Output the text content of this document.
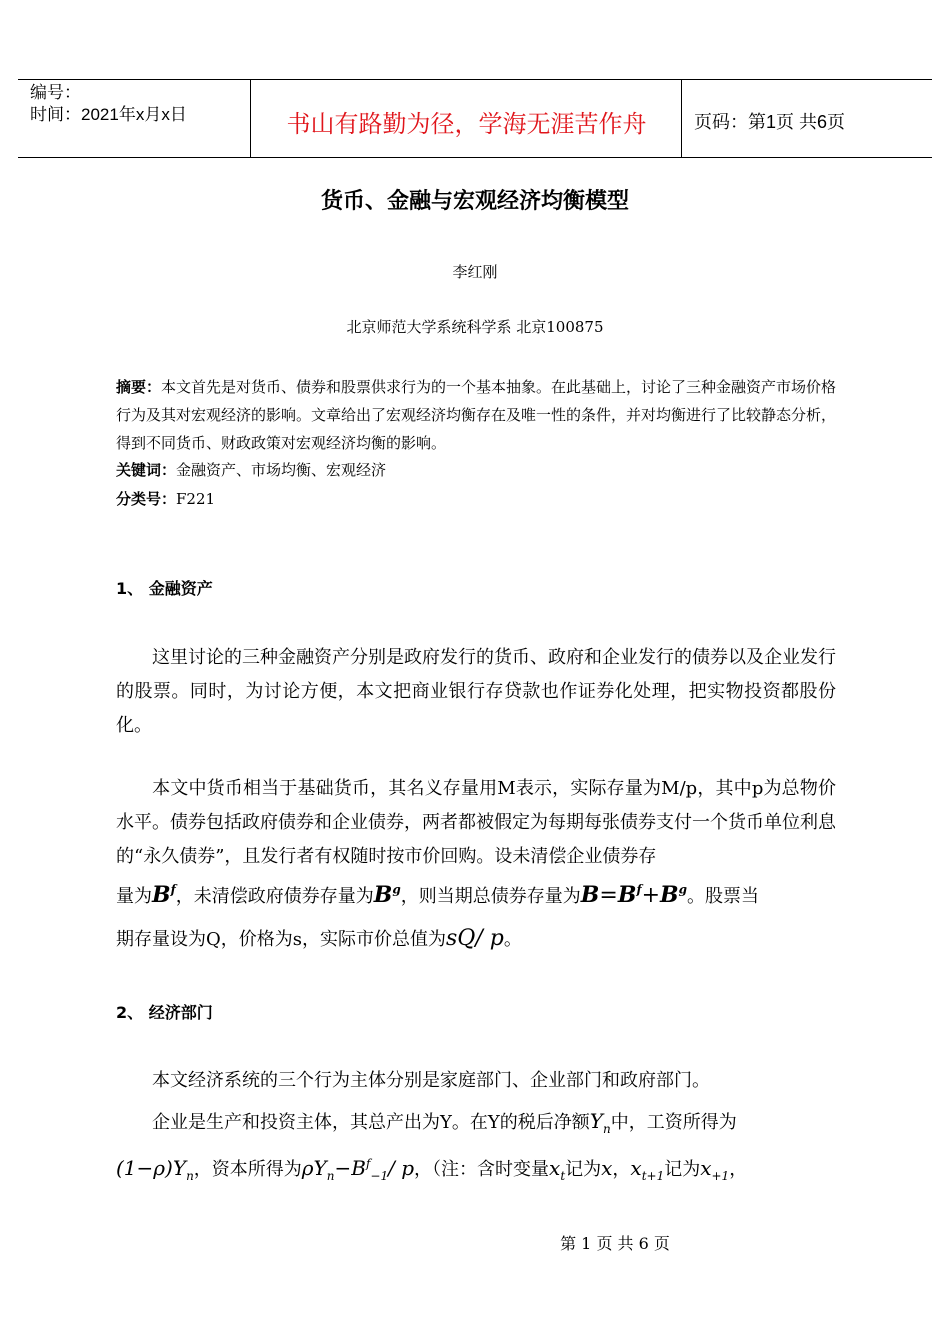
编号：
时间：2021年x月x日	书山有路勤为径，学海无涯苦作舟	页码：第1页 共6页
货币、金融与宏观经济均衡模型
李红刚
北京师范大学系统科学系 北京100875
摘要：本文首先是对货币、债券和股票供求行为的一个基本抽象。在此基础上，讨论了三种金融资产市场价格行为及其对宏观经济的影响。文章给出了宏观经济均衡存在及唯一性的条件，并对均衡进行了比较静态分析，得到不同货币、财政政策对宏观经济均衡的影响。
关键词：金融资产、市场均衡、宏观经济
分类号：F221
1、 金融资产
这里讨论的三种金融资产分别是政府发行的货币、政府和企业发行的债券以及企业发行的股票。同时，为讨论方便，本文把商业银行存贷款也作证券化处理，把实物投资都股份化。
本文中货币相当于基础货币，其名义存量用M表示，实际存量为M/p，其中p为总物价水平。债券包括政府债券和企业债券，两者都被假定为每期每张债券支付一个货币单位利息的“永久债券”，且发行者有权随时按市价回购。设未清偿企业债券存
量为$B^f$，未清偿政府债券存量为$B^g$，则当期总债券存量为$B=B^f+B^g$。股票当
期存量设为Q，价格为s，实际市价总值为sQ/ p。
2、 经济部门
本文经济系统的三个行为主体分别是家庭部门、企业部门和政府部门。
企业是生产和投资主体，其总产出为Y。在Y的税后净额$Y_n$中，工资所得为
$(1-\rho)Y_n$，资本所得为$\rho Y_n-B^f_{-1}/$ p，（注：含时变量$x_t$记为x，$x_{t+1}$记为$x_{+1}$，
第 1 页 共 6 页
